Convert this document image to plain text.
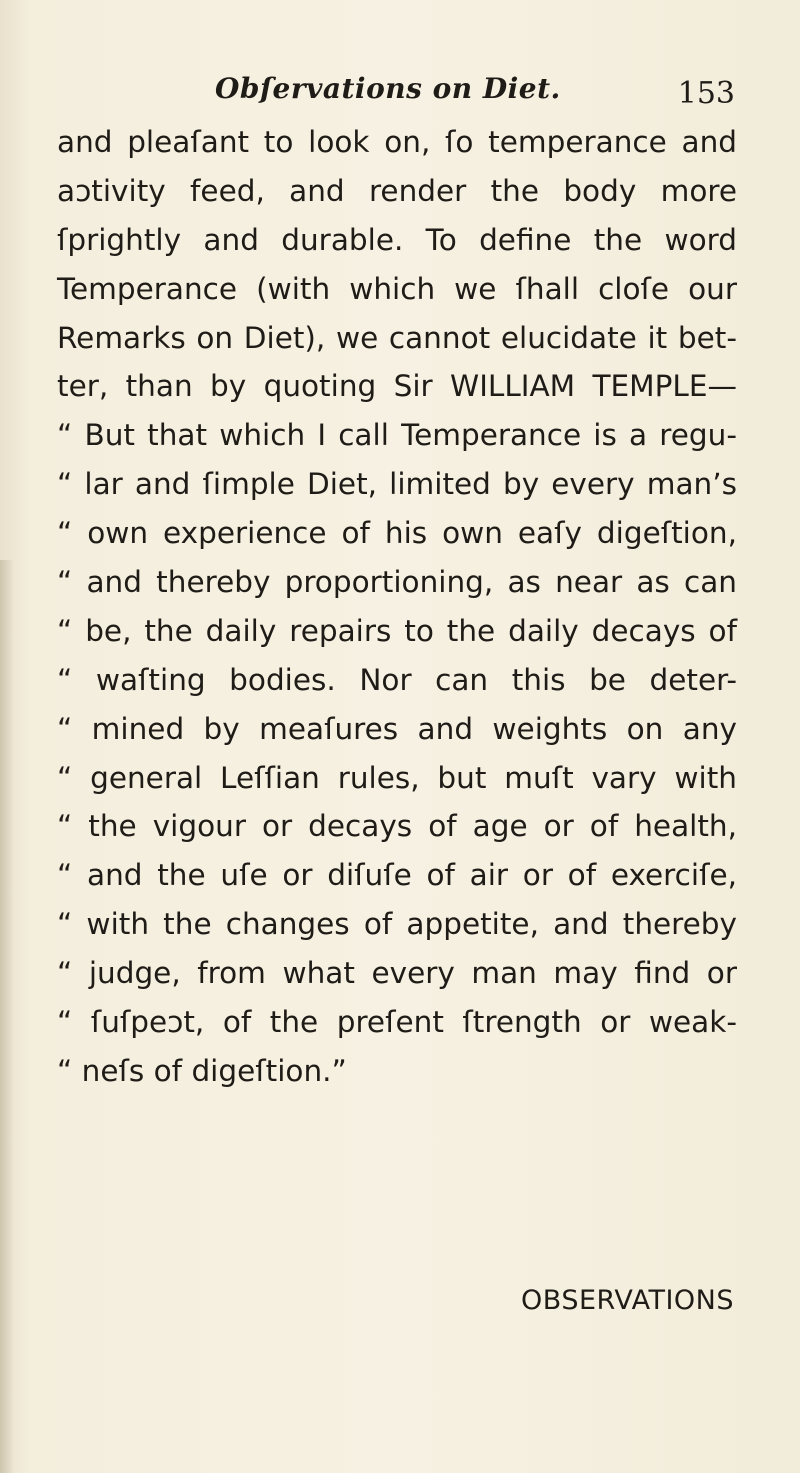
Obſervations on Diet.	153
and pleaſant to look on, ſo temperance and
aɔtivity feed, and render the body more
ſprightly and durable. To define the word
Temperance (with which we ſhall cloſe our
Remarks on Diet), we cannot elucidate it bet-
ter, than by quoting Sir WILLIAM TEMPLE—
“ But that which I call Temperance is a regu-
“ lar and ſimple Diet, limited by every man’s
“ own experience of his own eaſy digeſtion,
“ and thereby proportioning, as near as can
“ be, the daily repairs to the daily decays of
“ waſting bodies. Nor can this be deter-
“ mined by meaſures and weights on any
“ general Leſſian rules, but muſt vary with
“ the vigour or decays of age or of health,
“ and the uſe or diſuſe of air or of exerciſe,
“ with the changes of appetite, and thereby
“ judge, from what every man may find or
“ ſuſpeɔt, of the preſent ſtrength or weak-
“ neſs of digeſtion.”
OBSERVATIONS
